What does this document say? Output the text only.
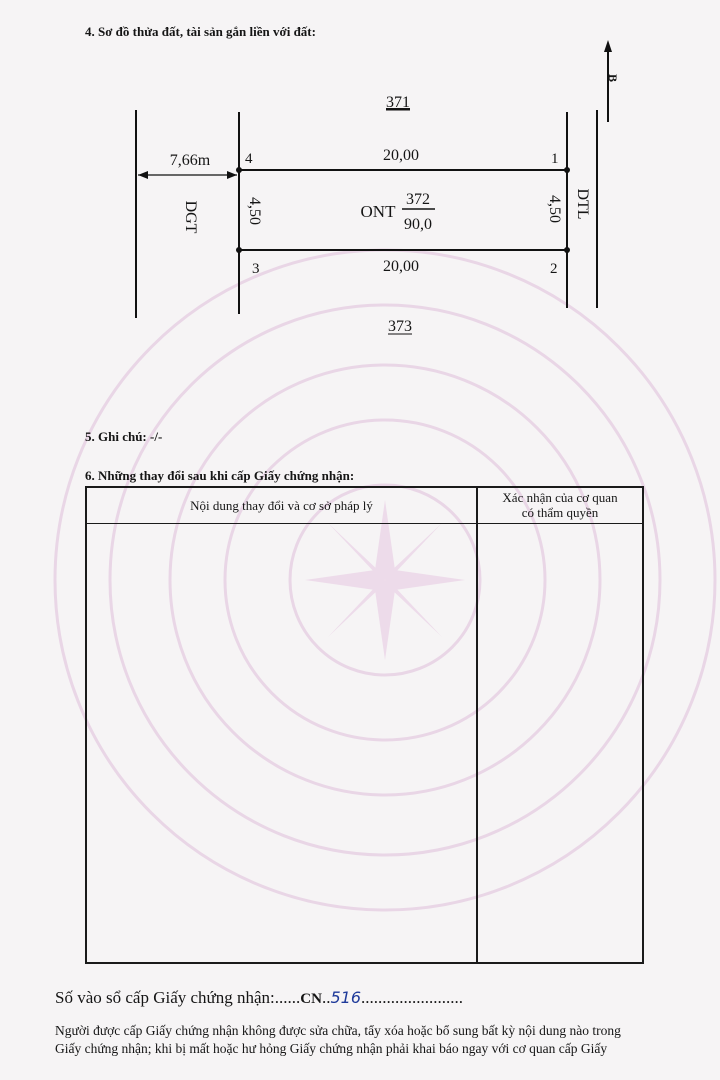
4. Sơ đồ thửa đất, tài sản gắn liền với đất:
B
371
373
7,66m 4	1
3	2
20,00
20,00
4,50	4,50
DGT	DTL
ONT
372
90,0
5. Ghi chú: -/-
6. Những thay đổi sau khi cấp Giấy chứng nhận:
Nội dung thay đổi và cơ sở pháp lý
Xác nhận của cơ quan
có thẩm quyền
Số vào sổ cấp Giấy chứng nhận:......CN..516........................
Người được cấp Giấy chứng nhận không được sửa chữa, tẩy xóa hoặc bổ sung bất kỳ nội dung nào trong
Giấy chứng nhận; khi bị mất hoặc hư hỏng Giấy chứng nhận phải khai báo ngay với cơ quan cấp Giấy
